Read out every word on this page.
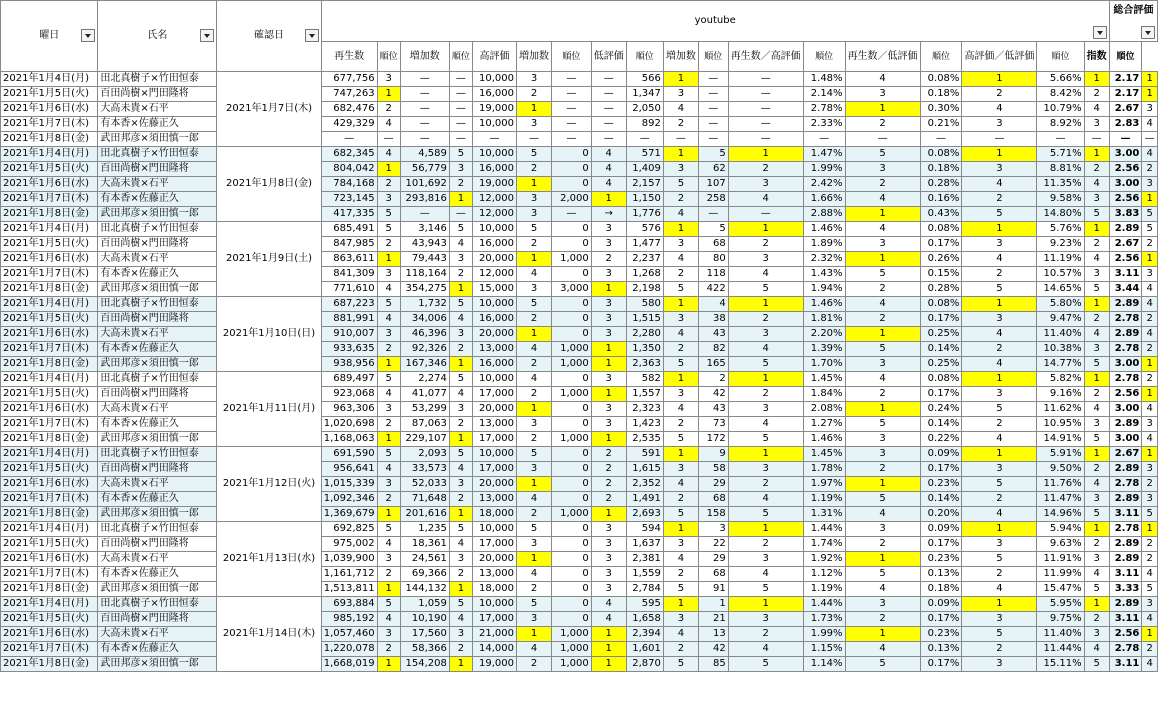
曜日	氏名	確認日	youtube																		総合評価	

			再生数	順位	増加数	順位	高評価	増加数	順位	低評価	順位	増加数	順位	再生数／高評価	順位	再生数／低評価	順位	高評価／低評価	順位	指数	順位	
2021年1月4日(月)	田北真樹子×竹田恒泰	2021年1月7日(木)	677,756	3	—	—	10,000	3	—	—	566	1	—	—	1.48%	4	0.08%	1	5.66%	1	2.17	1
2021年1月5日(火)	百田尚樹×門田隆将		747,263	1	—	—	16,000	2	—	—	1,347	3	—	—	2.14%	3	0.18%	2	8.42%	2	2.17	1
2021年1月6日(水)	大高未貴×石平		682,476	2	—	—	19,000	1	—	—	2,050	4	—	—	2.78%	1	0.30%	4	10.79%	4	2.67	3
2021年1月7日(木)	有本香×佐藤正久		429,329	4	—	—	10,000	3	—	—	892	2	—	—	2.33%	2	0.21%	3	8.92%	3	2.83	4
2021年1月8日(金)	武田邦彦×須田慎一郎		—	—	—	—	—	—	—	—	—	—	—	—	—	—	—	—	—	—	—	—
2021年1月4日(月)	田北真樹子×竹田恒泰	2021年1月8日(金)	682,345	4	4,589	5	10,000	5	0	4	571	1	5	1	1.47%	5	0.08%	1	5.71%	1	3.00	4
2021年1月5日(火)	百田尚樹×門田隆将		804,042	1	56,779	3	16,000	2	0	4	1,409	3	62	2	1.99%	3	0.18%	3	8.81%	2	2.56	2
2021年1月6日(水)	大高未貴×石平		784,168	2	101,692	2	19,000	1	0	4	2,157	5	107	3	2.42%	2	0.28%	4	11.35%	4	3.00	3
2021年1月7日(木)	有本香×佐藤正久		723,145	3	293,816	1	12,000	3	2,000	1	1,150	2	258	4	1.66%	4	0.16%	2	9.58%	3	2.56	1
2021年1月8日(金)	武田邦彦×須田慎一郎		417,335	5	—	—	12,000	3	—	→	1,776	4	—	—	2.88%	1	0.43%	5	14.80%	5	3.83	5
2021年1月4日(月)	田北真樹子×竹田恒泰	2021年1月9日(土)	685,491	5	3,146	5	10,000	5	0	3	576	1	5	1	1.46%	4	0.08%	1	5.76%	1	2.89	5
2021年1月5日(火)	百田尚樹×門田隆将		847,985	2	43,943	4	16,000	2	0	3	1,477	3	68	2	1.89%	3	0.17%	3	9.23%	2	2.67	2
2021年1月6日(水)	大高未貴×石平		863,611	1	79,443	3	20,000	1	1,000	2	2,237	4	80	3	2.32%	1	0.26%	4	11.19%	4	2.56	1
2021年1月7日(木)	有本香×佐藤正久		841,309	3	118,164	2	12,000	4	0	3	1,268	2	118	4	1.43%	5	0.15%	2	10.57%	3	3.11	3
2021年1月8日(金)	武田邦彦×須田慎一郎		771,610	4	354,275	1	15,000	3	3,000	1	2,198	5	422	5	1.94%	2	0.28%	5	14.65%	5	3.44	4
2021年1月4日(月)	田北真樹子×竹田恒泰	2021年1月10日(日)	687,223	5	1,732	5	10,000	5	0	3	580	1	4	1	1.46%	4	0.08%	1	5.80%	1	2.89	4
2021年1月5日(火)	百田尚樹×門田隆将		881,991	4	34,006	4	16,000	2	0	3	1,515	3	38	2	1.81%	2	0.17%	3	9.47%	2	2.78	2
2021年1月6日(水)	大高未貴×石平		910,007	3	46,396	3	20,000	1	0	3	2,280	4	43	3	2.20%	1	0.25%	4	11.40%	4	2.89	4
2021年1月7日(木)	有本香×佐藤正久		933,635	2	92,326	2	13,000	4	1,000	1	1,350	2	82	4	1.39%	5	0.14%	2	10.38%	3	2.78	2
2021年1月8日(金)	武田邦彦×須田慎一郎		938,956	1	167,346	1	16,000	2	1,000	1	2,363	5	165	5	1.70%	3	0.25%	4	14.77%	5	3.00	1
2021年1月4日(月)	田北真樹子×竹田恒泰	2021年1月11日(月)	689,497	5	2,274	5	10,000	4	0	3	582	1	2	1	1.45%	4	0.08%	1	5.82%	1	2.78	2
2021年1月5日(火)	百田尚樹×門田隆将		923,068	4	41,077	4	17,000	2	1,000	1	1,557	3	42	2	1.84%	2	0.17%	3	9.16%	2	2.56	1
2021年1月6日(水)	大高未貴×石平		963,306	3	53,299	3	20,000	1	0	3	2,323	4	43	3	2.08%	1	0.24%	5	11.62%	4	3.00	4
2021年1月7日(木)	有本香×佐藤正久		1,020,698	2	87,063	2	13,000	3	0	3	1,423	2	73	4	1.27%	5	0.14%	2	10.95%	3	2.89	3
2021年1月8日(金)	武田邦彦×須田慎一郎		1,168,063	1	229,107	1	17,000	2	1,000	1	2,535	5	172	5	1.46%	3	0.22%	4	14.91%	5	3.00	4
2021年1月4日(月)	田北真樹子×竹田恒泰	2021年1月12日(火)	691,590	5	2,093	5	10,000	5	0	2	591	1	9	1	1.45%	3	0.09%	1	5.91%	1	2.67	1
2021年1月5日(火)	百田尚樹×門田隆将		956,641	4	33,573	4	17,000	3	0	2	1,615	3	58	3	1.78%	2	0.17%	3	9.50%	2	2.89	3
2021年1月6日(水)	大高未貴×石平		1,015,339	3	52,033	3	20,000	1	0	2	2,352	4	29	2	1.97%	1	0.23%	5	11.76%	4	2.78	2
2021年1月7日(木)	有本香×佐藤正久		1,092,346	2	71,648	2	13,000	4	0	2	1,491	2	68	4	1.19%	5	0.14%	2	11.47%	3	2.89	3
2021年1月8日(金)	武田邦彦×須田慎一郎		1,369,679	1	201,616	1	18,000	2	1,000	1	2,693	5	158	5	1.31%	4	0.20%	4	14.96%	5	3.11	5
2021年1月4日(月)	田北真樹子×竹田恒泰	2021年1月13日(水)	692,825	5	1,235	5	10,000	5	0	3	594	1	3	1	1.44%	3	0.09%	1	5.94%	1	2.78	1
2021年1月5日(火)	百田尚樹×門田隆将		975,002	4	18,361	4	17,000	3	0	3	1,637	3	22	2	1.74%	2	0.17%	3	9.63%	2	2.89	2
2021年1月6日(水)	大高未貴×石平		1,039,900	3	24,561	3	20,000	1	0	3	2,381	4	29	3	1.92%	1	0.23%	5	11.91%	3	2.89	2
2021年1月7日(木)	有本香×佐藤正久		1,161,712	2	69,366	2	13,000	4	0	3	1,559	2	68	4	1.12%	5	0.13%	2	11.99%	4	3.11	4
2021年1月8日(金)	武田邦彦×須田慎一郎		1,513,811	1	144,132	1	18,000	2	0	3	2,784	5	91	5	1.19%	4	0.18%	4	15.47%	5	3.33	5
2021年1月4日(月)	田北真樹子×竹田恒泰	2021年1月14日(木)	693,884	5	1,059	5	10,000	5	0	4	595	1	1	1	1.44%	3	0.09%	1	5.95%	1	2.89	3
2021年1月5日(火)	百田尚樹×門田隆将		985,192	4	10,190	4	17,000	3	0	4	1,658	3	21	3	1.73%	2	0.17%	3	9.75%	2	3.11	4
2021年1月6日(水)	大高未貴×石平		1,057,460	3	17,560	3	21,000	1	1,000	1	2,394	4	13	2	1.99%	1	0.23%	5	11.40%	3	2.56	1
2021年1月7日(木)	有本香×佐藤正久		1,220,078	2	58,366	2	14,000	4	1,000	1	1,601	2	42	4	1.15%	4	0.13%	2	11.44%	4	2.78	2
2021年1月8日(金)	武田邦彦×須田慎一郎		1,668,019	1	154,208	1	19,000	2	1,000	1	2,870	5	85	5	1.14%	5	0.17%	3	15.11%	5	3.11	4
